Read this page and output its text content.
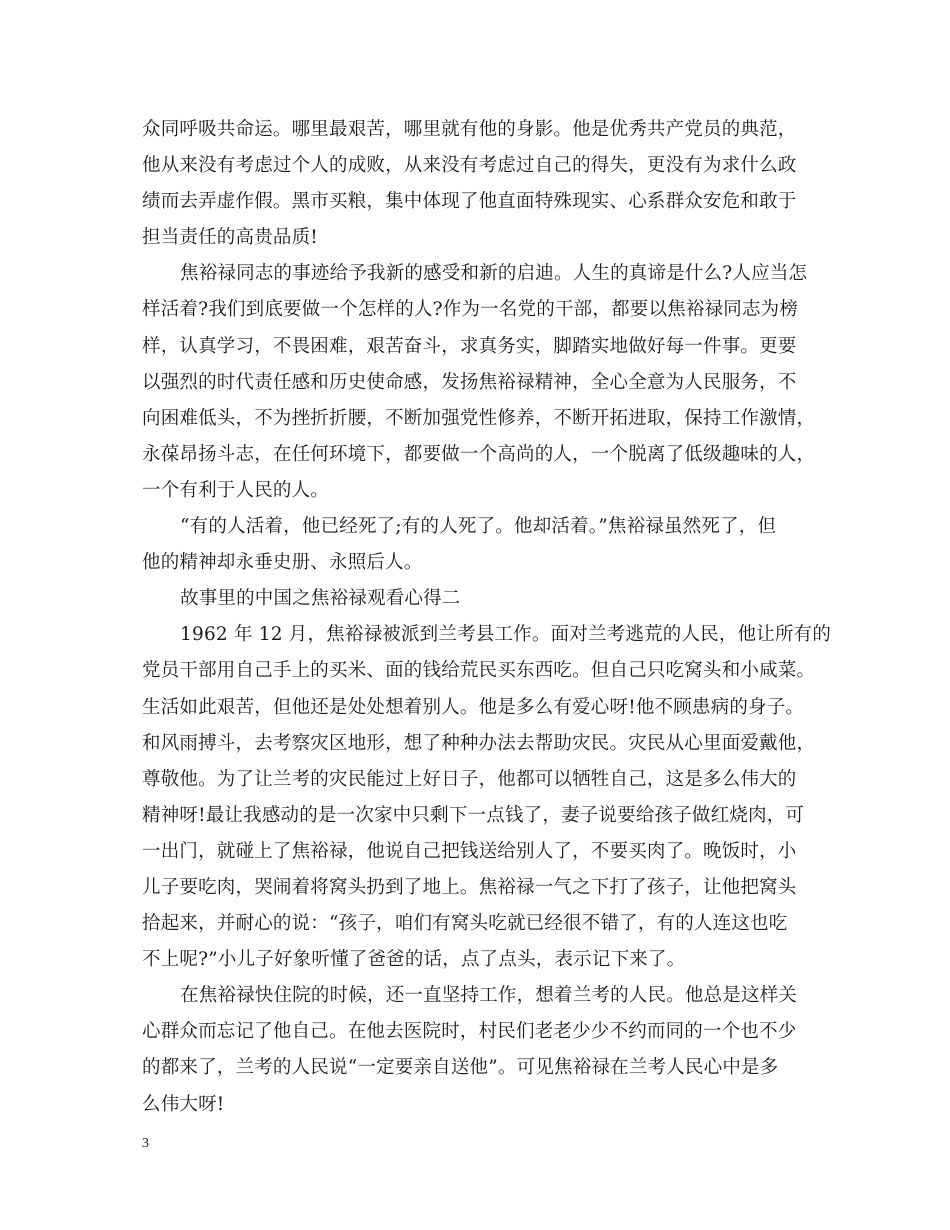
众同呼吸共命运。哪里最艰苦，哪里就有他的身影。他是优秀共产党员的典范，
他从来没有考虑过个人的成败，从来没有考虑过自己的得失，更没有为求什么政
绩而去弄虚作假。黑市买粮，集中体现了他直面特殊现实、心系群众安危和敢于
担当责任的高贵品质!
焦裕禄同志的事迹给予我新的感受和新的启迪。人生的真谛是什么?人应当怎
样活着?我们到底要做一个怎样的人?作为一名党的干部，都要以焦裕禄同志为榜
样，认真学习，不畏困难，艰苦奋斗，求真务实，脚踏实地做好每一件事。更要
以强烈的时代责任感和历史使命感，发扬焦裕禄精神，全心全意为人民服务，不
向困难低头，不为挫折折腰，不断加强党性修养，不断开拓进取，保持工作激情，
永葆昂扬斗志，在任何环境下，都要做一个高尚的人，一个脱离了低级趣味的人，
一个有利于人民的人。
“有的人活着，他已经死了;有的人死了。他却活着。”焦裕禄虽然死了，但
他的精神却永垂史册、永照后人。
故事里的中国之焦裕禄观看心得二
1962 年 12 月，焦裕禄被派到兰考县工作。面对兰考逃荒的人民，他让所有的
党员干部用自己手上的买米、面的钱给荒民买东西吃。但自己只吃窝头和小咸菜。
生活如此艰苦，但他还是处处想着别人。他是多么有爱心呀!他不顾患病的身子。
和风雨搏斗，去考察灾区地形，想了种种办法去帮助灾民。灾民从心里面爱戴他，
尊敬他。为了让兰考的灾民能过上好日子，他都可以牺牲自己，这是多么伟大的
精神呀!最让我感动的是一次家中只剩下一点钱了，妻子说要给孩子做红烧肉，可
一出门，就碰上了焦裕禄，他说自己把钱送给别人了，不要买肉了。晚饭时，小
儿子要吃肉，哭闹着将窝头扔到了地上。焦裕禄一气之下打了孩子，让他把窝头
拾起来，并耐心的说：“孩子，咱们有窝头吃就已经很不错了，有的人连这也吃
不上呢?”小儿子好象听懂了爸爸的话，点了点头，表示记下来了。
在焦裕禄快住院的时候，还一直坚持工作，想着兰考的人民。他总是这样关
心群众而忘记了他自己。在他去医院时，村民们老老少少不约而同的一个也不少
的都来了，兰考的人民说“一定要亲自送他”。可见焦裕禄在兰考人民心中是多
么伟大呀!
3
